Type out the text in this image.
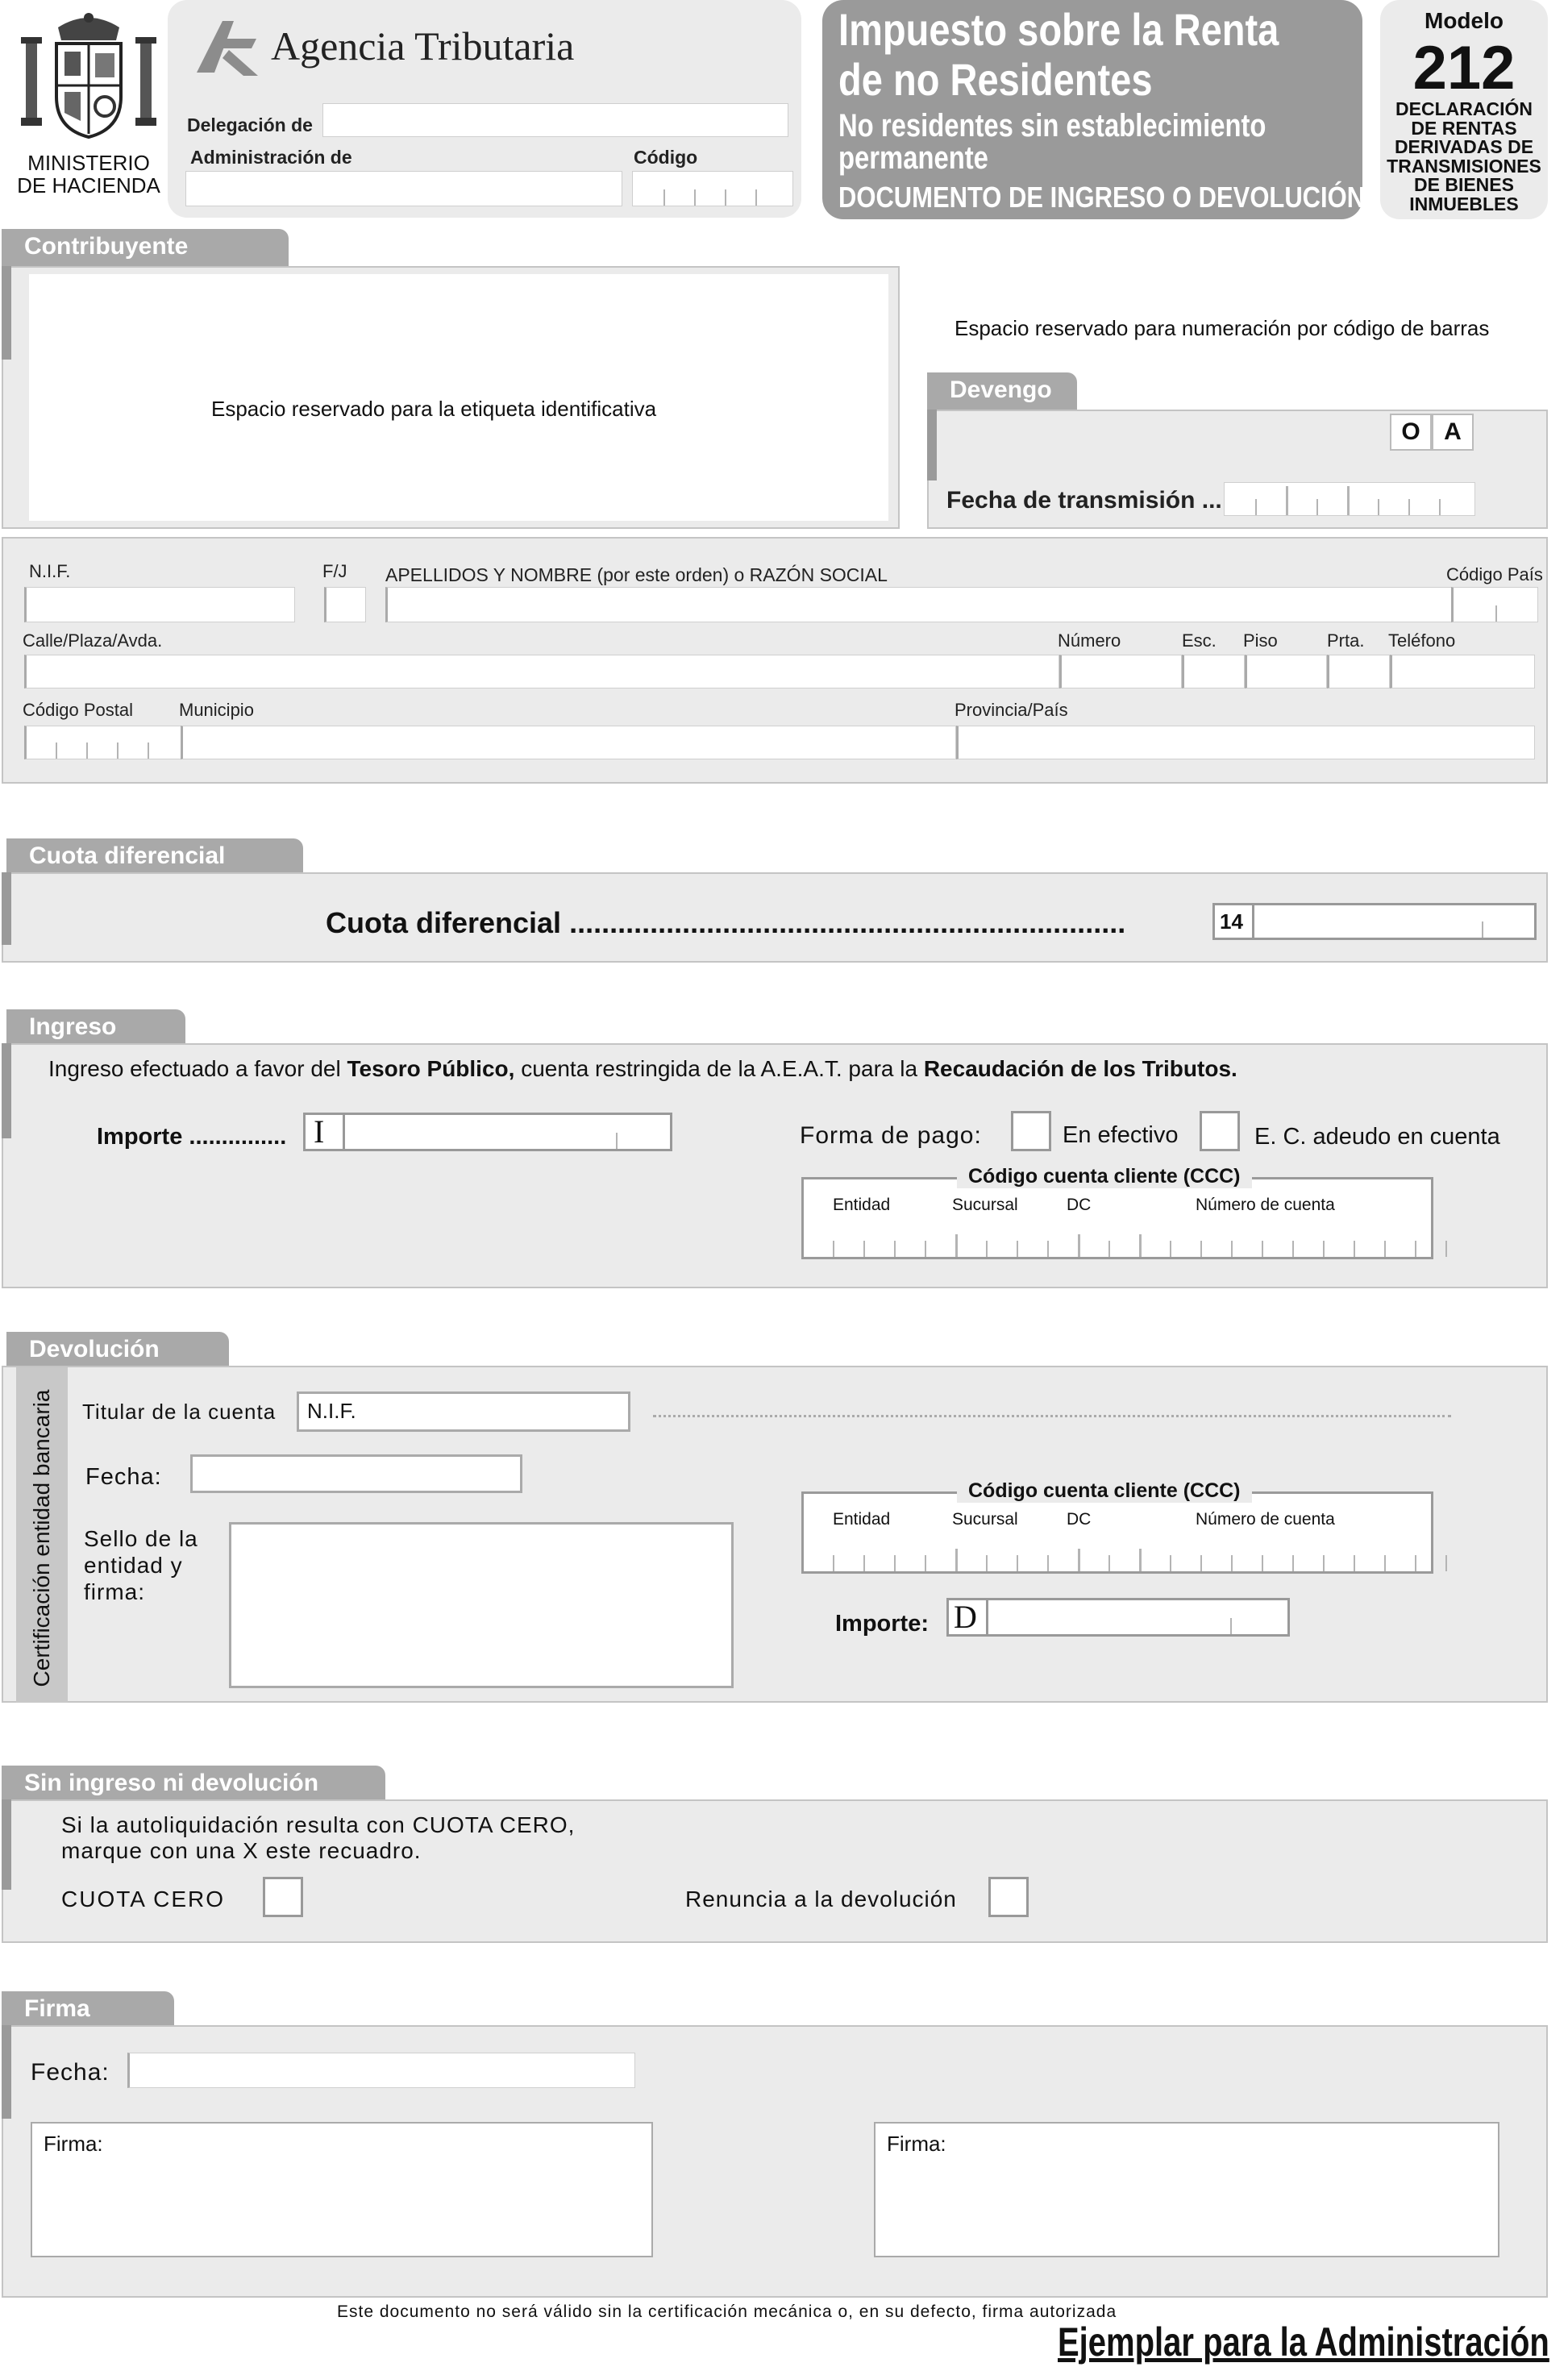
MINISTERIO
DE HACIENDA
Agencia Tributaria
Delegación de
Administración de	Código
Impuesto sobre la Renta
de no Residentes
No residentes sin establecimiento
permanente
DOCUMENTO DE INGRESO O DEVOLUCIÓN
Modelo
212
DECLARACIÓN
DE RENTAS
DERIVADAS DE
TRANSMISIONES
DE BIENES
INMUEBLES
Contribuyente
Espacio reservado para la etiqueta identificativa
Espacio reservado para numeración por código de barras
Devengo
O A
Fecha de transmisión ...
N.I.F.	F/J APELLIDOS Y NOMBRE (por este orden) o RAZÓN SOCIAL	Código País
Calle/Plaza/Avda.	Número	Esc. Piso	Prta. Teléfono
Código Postal	Municipio	Provincia/País
Cuota diferencial
Cuota diferencial .....................................................................	14
Ingreso
Ingreso efectuado a favor del Tesoro Público, cuenta restringida de la A.E.A.T. para la Recaudación de los Tributos.
Importe ............... I	Forma de pago:	En efectivo	E. C. adeudo en cuenta
Código cuenta cliente (CCC)
Entidad	Sucursal	DC	Número de cuenta
Devolución
Certificación entidad bancaria Titular de la cuenta N.I.F.
Fecha:
Sello de la
entidad y
firma:
Código cuenta cliente (CCC)
Entidad	Sucursal	DC	Número de cuenta
Importe: D
Sin ingreso ni devolución
Si la autoliquidación resulta con CUOTA CERO,
marque con una X este recuadro.
CUOTA CERO	Renuncia a la devolución
Firma
Fecha:
Firma:	Firma:
Este documento no será válido sin la certificación mecánica o, en su defecto, firma autorizada
Ejemplar para la Administración
